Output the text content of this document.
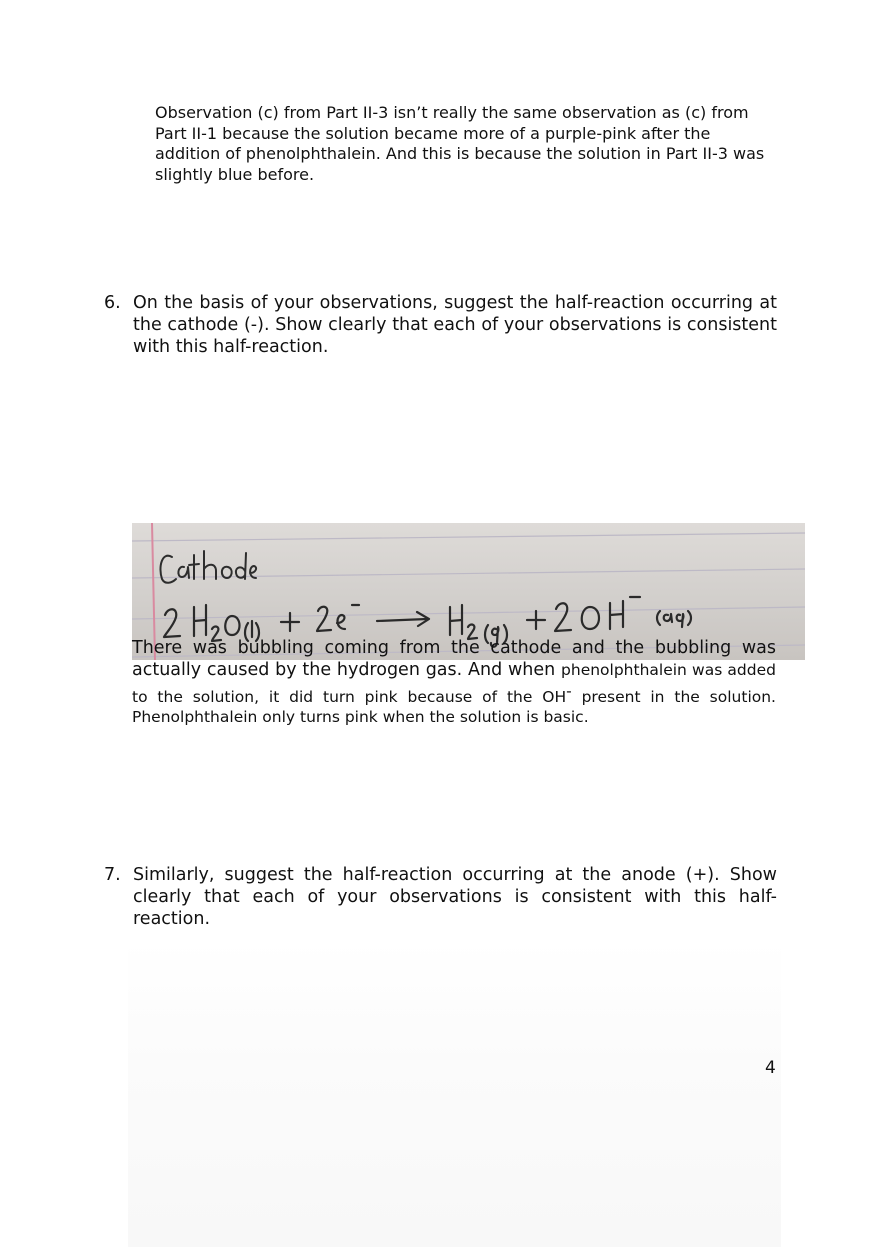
Observation (c) from Part II-3 isn’t really the same observation as (c) from Part II-1 because the solution became more of a purple-pink after the addition of phenolphthalein. And this is because the solution in Part II-3 was slightly blue before.

6. On the basis of your observations, suggest the half-reaction occurring at the cathode (-). Show clearly that each of your observations is consistent with this half-reaction.

There was bubbling coming from the cathode and the bubbling was actually caused by the hydrogen gas. And when phenolphthalein was added to the solution, it did turn pink because of the OH- present in the solution. Phenolphthalein only turns pink when the solution is basic.

7. Similarly, suggest the half-reaction occurring at the anode (+). Show clearly that each of your observations is consistent with this half-reaction.

4
